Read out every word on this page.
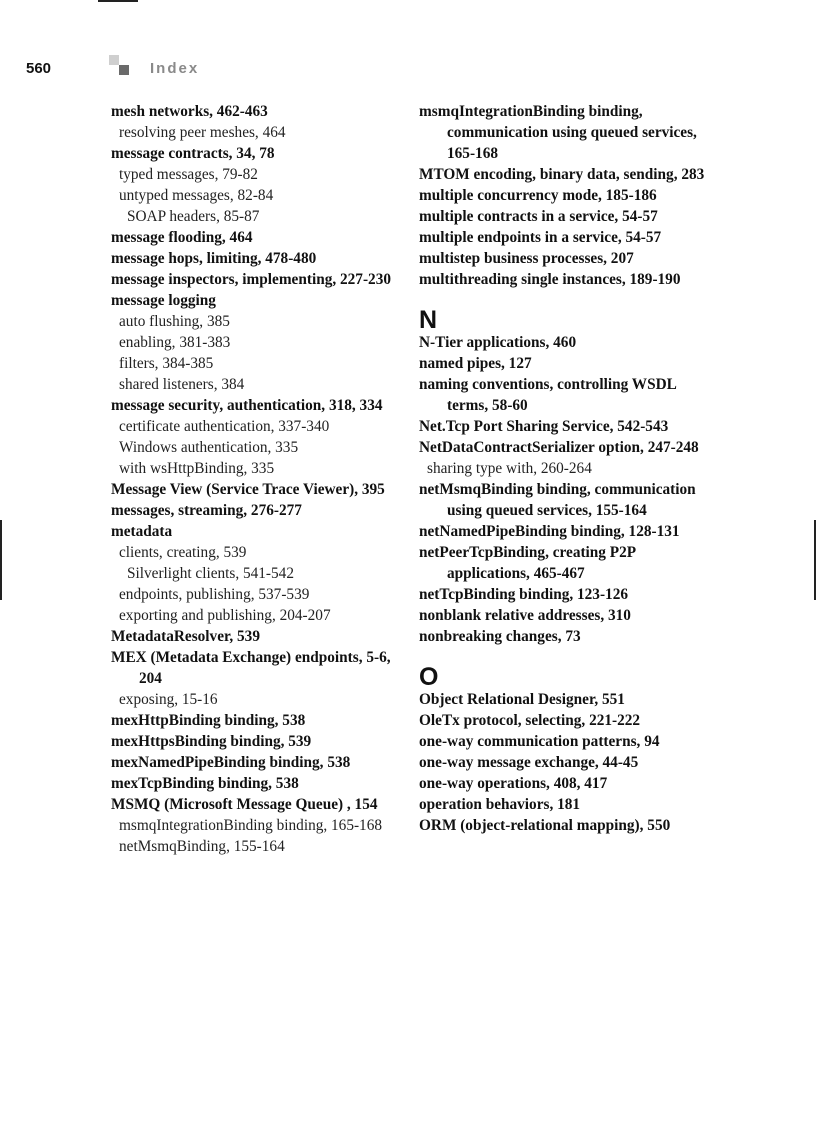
560	Index
mesh networks, 462-463
resolving peer meshes, 464
message contracts, 34, 78
typed messages, 79-82
untyped messages, 82-84
SOAP headers, 85-87
message flooding, 464
message hops, limiting, 478-480
message inspectors, implementing, 227-230
message logging
auto flushing, 385
enabling, 381-383
filters, 384-385
shared listeners, 384
message security, authentication, 318, 334
certificate authentication, 337-340
Windows authentication, 335
with wsHttpBinding, 335
Message View (Service Trace Viewer), 395
messages, streaming, 276-277
metadata
clients, creating, 539
Silverlight clients, 541-542
endpoints, publishing, 537-539
exporting and publishing, 204-207
MetadataResolver, 539
MEX (Metadata Exchange) endpoints, 5-6, 204
exposing, 15-16
mexHttpBinding binding, 538
mexHttpsBinding binding, 539
mexNamedPipeBinding binding, 538
mexTcpBinding binding, 538
MSMQ (Microsoft Message Queue) , 154
msmqIntegrationBinding binding, 165-168
netMsmqBinding, 155-164
msmqIntegrationBinding binding, communication using queued services, 165-168
MTOM encoding, binary data, sending, 283
multiple concurrency mode, 185-186
multiple contracts in a service, 54-57
multiple endpoints in a service, 54-57
multistep business processes, 207
multithreading single instances, 189-190
N
N-Tier applications, 460
named pipes, 127
naming conventions, controlling WSDL terms, 58-60
Net.Tcp Port Sharing Service, 542-543
NetDataContractSerializer option, 247-248
sharing type with, 260-264
netMsmqBinding binding, communication using queued services, 155-164
netNamedPipeBinding binding, 128-131
netPeerTcpBinding, creating P2P applications, 465-467
netTcpBinding binding, 123-126
nonblank relative addresses, 310
nonbreaking changes, 73
O
Object Relational Designer, 551
OleTx protocol, selecting, 221-222
one-way communication patterns, 94
one-way message exchange, 44-45
one-way operations, 408, 417
operation behaviors, 181
ORM (object-relational mapping), 550
